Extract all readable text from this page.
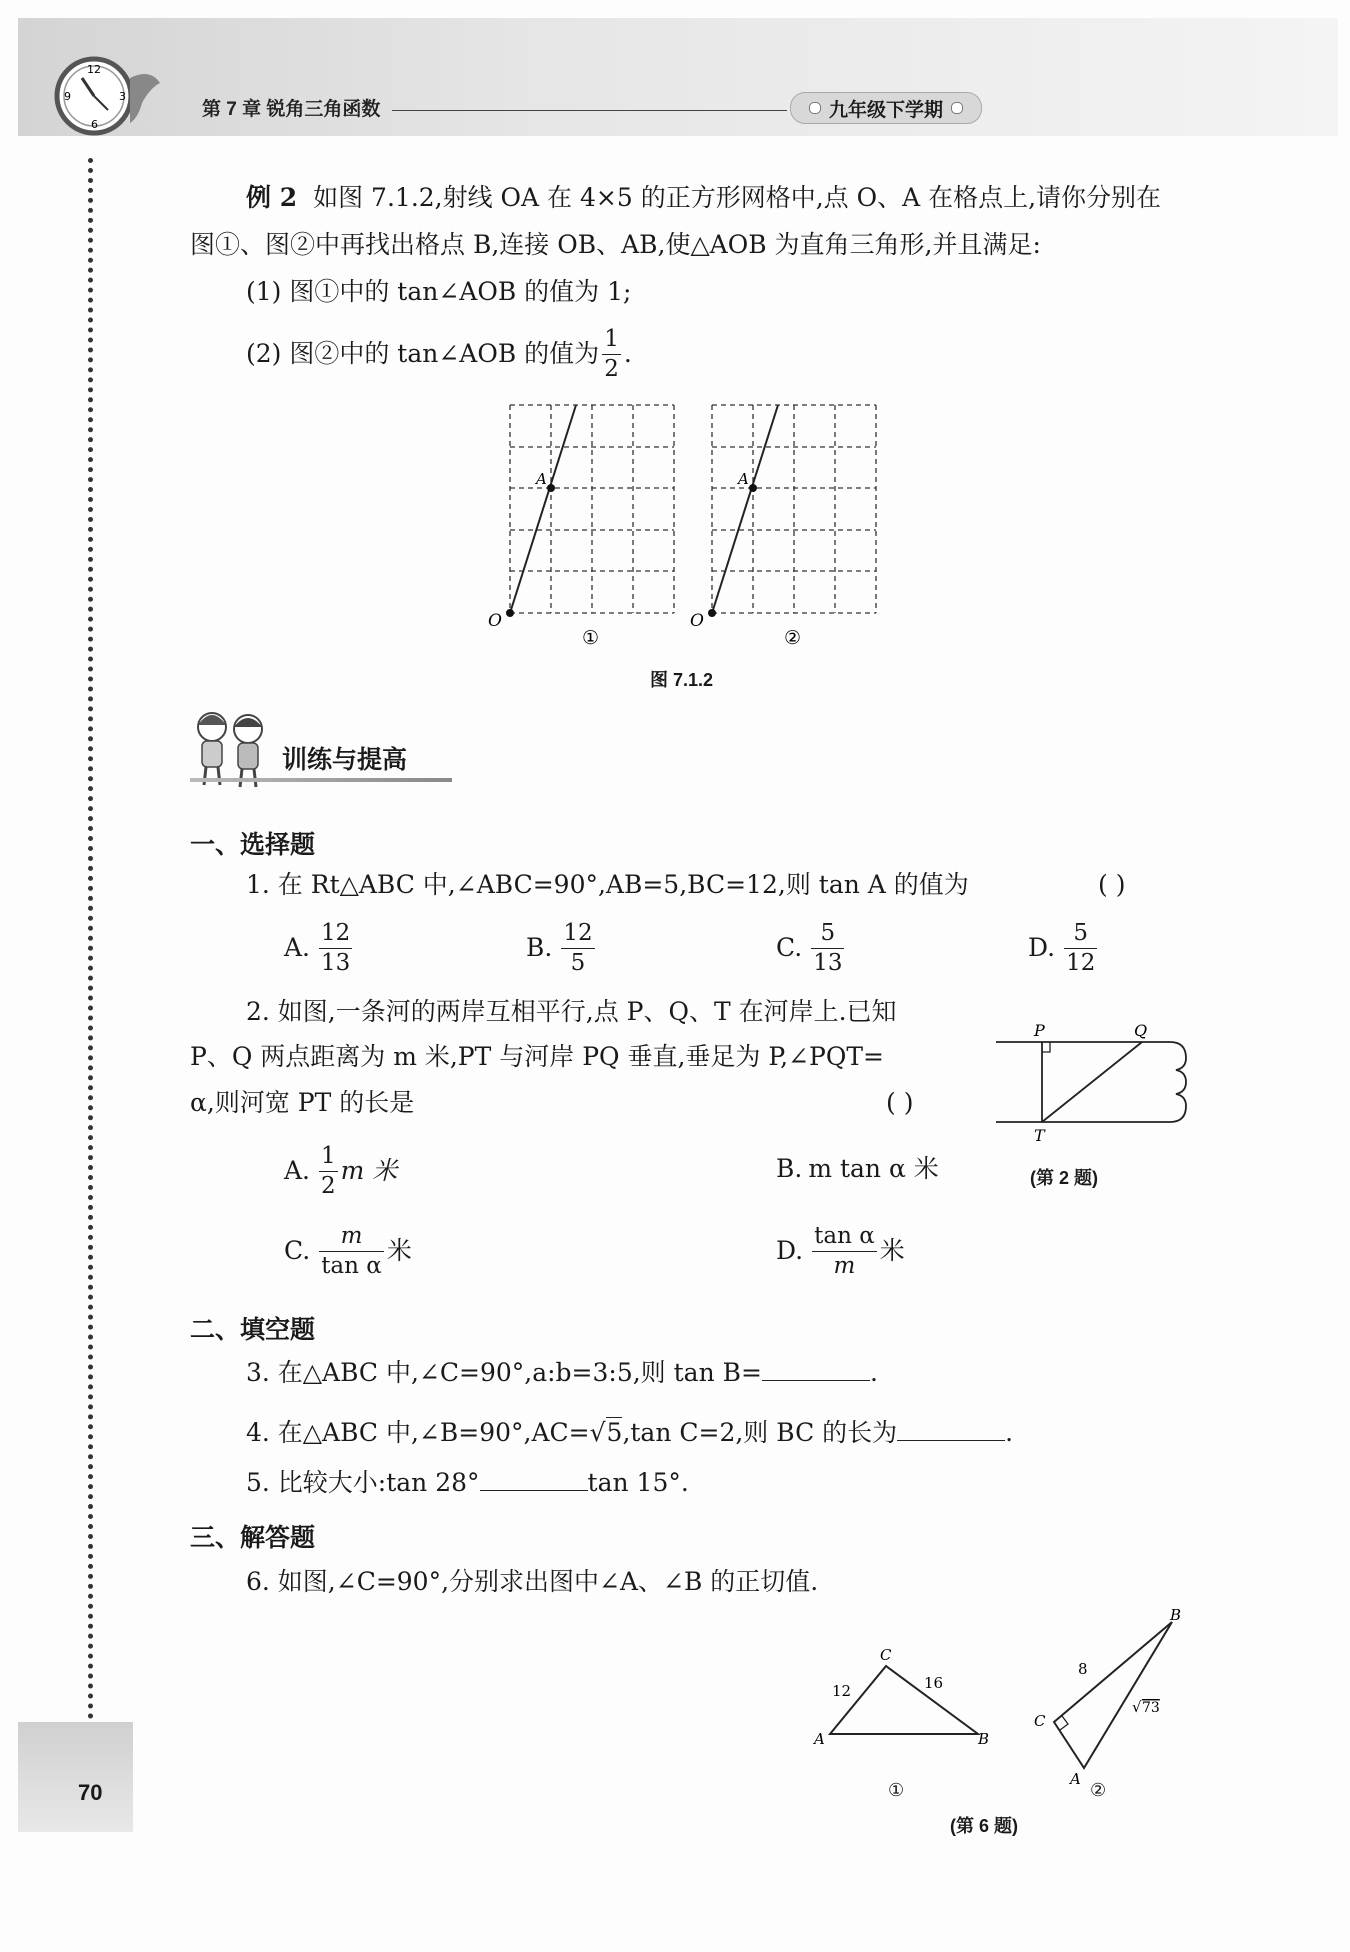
12
3
6
9
第 7 章 锐角三角函数	九年级下学期
70
例 2 如图 7.1.2,射线 OA 在 4×5 的正方形网格中,点 O、A 在格点上,请你分别在
图①、图②中再找出格点 B,连接 OB、AB,使△AOB 为直角三角形,并且满足:
(1) 图①中的 tan∠AOB 的值为 1;
(2) 图②中的 tan∠AOB 的值为 $\frac{1}{2}$ .
O
A
①
O
A
②
图 7.1.2
训练与提高
一、选择题
1. 在 Rt△ABC 中,∠ABC=90°,AB=5,BC=12,则 tan A 的值为	( )
A. $\frac{12}{13}$	B. $\frac{12}{5}$	C. $\frac{5}{13}$	D. $\frac{5}{12}$
2. 如图,一条河的两岸互相平行,点 P、Q、T 在河岸上.已知
P、Q 两点距离为 m 米,PT 与河岸 PQ 垂直,垂足为 P,∠PQT=
α,则河宽 PT 的长是	( )
P	Q
T
(第 2 题)
A. $\frac{1}{2}$ m 米	B. m tan α 米
C. $\frac{m}{\text{tan α}}$ 米	D. $\frac{\text{tan α}}{m}$ 米
二、填空题
3. 在△ABC 中,∠C=90°,a:b=3:5,则 tan B=	.
4. 在△ABC 中,∠B=90°,AC=√5,tan C=2,则 BC 的长为	.
5. 比较大小:tan 28°	tan 15°.
三、解答题
6. 如图,∠C=90°,分别求出图中∠A、∠B 的正切值.
C
A	B
12	16
①
B
C
A
8
√ 73
②
(第 6 题)
